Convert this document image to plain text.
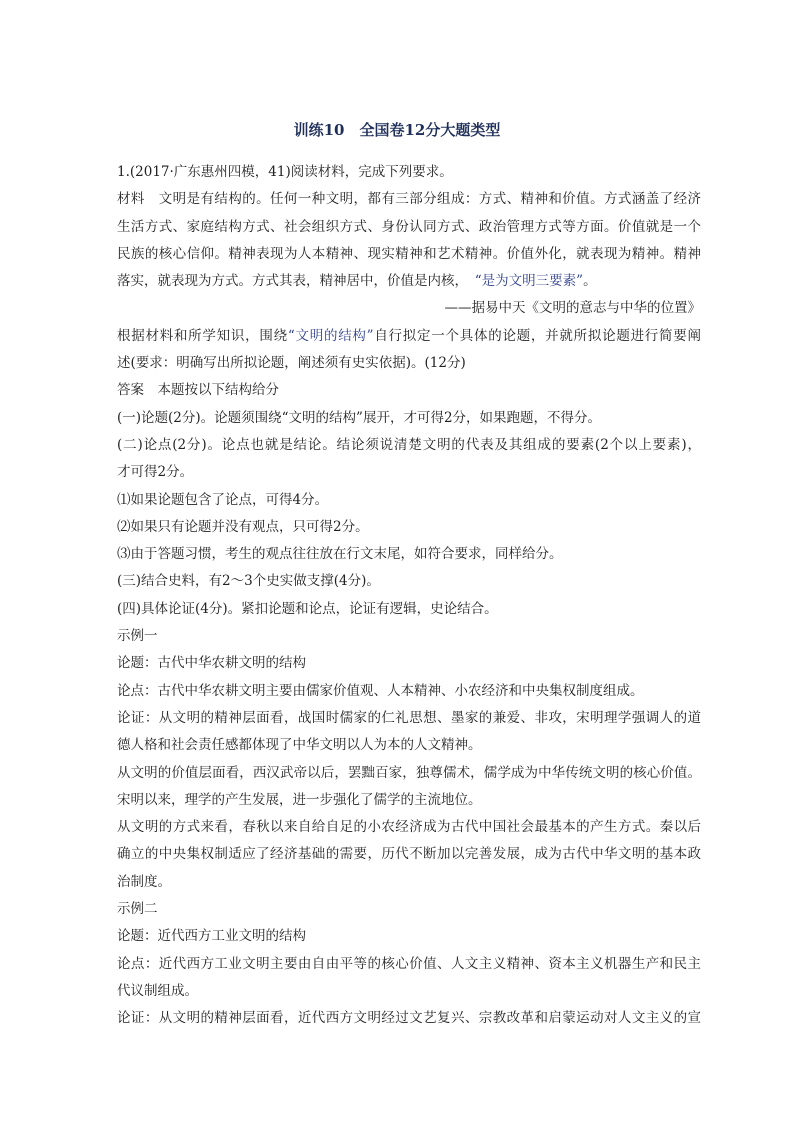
训练10　全国卷12分大题类型
1.(2017·广东惠州四模，41)阅读材料，完成下列要求。
材料　文明是有结构的。任何一种文明，都有三部分组成：方式、精神和价值。方式涵盖了经济
生活方式、家庭结构方式、社会组织方式、身份认同方式、政治管理方式等方面。价值就是一个
民族的核心信仰。精神表现为人本精神、现实精神和艺术精神。价值外化，就表现为精神。精神
落实，就表现为方式。方式其表，精神居中，价值是内核，　“是为文明三要素”。
——据易中天《文明的意志与中华的位置》
根据材料和所学知识，围绕“文明的结构”自行拟定一个具体的论题，并就所拟论题进行简要阐
述(要求：明确写出所拟论题，阐述须有史实依据)。(12分)
答案　本题按以下结构给分
(一)论题(2分)。论题须围绕“文明的结构”展开，才可得2分，如果跑题，不得分。
(二)论点(2分)。论点也就是结论。结论须说清楚文明的代表及其组成的要素(2个以上要素)，
才可得2分。
⑴如果论题包含了论点，可得4分。
⑵如果只有论题并没有观点，只可得2分。
⑶由于答题习惯，考生的观点往往放在行文末尾，如符合要求，同样给分。
(三)结合史料，有2～3个史实做支撑(4分)。
(四)具体论证(4分)。紧扣论题和论点，论证有逻辑，史论结合。
示例一
论题：古代中华农耕文明的结构
论点：古代中华农耕文明主要由儒家价值观、人本精神、小农经济和中央集权制度组成。
论证：从文明的精神层面看，战国时儒家的仁礼思想、墨家的兼爱、非攻，宋明理学强调人的道
德人格和社会责任感都体现了中华文明以人为本的人文精神。
从文明的价值层面看，西汉武帝以后，罢黜百家，独尊儒术，儒学成为中华传统文明的核心价值。
宋明以来，理学的产生发展，进一步强化了儒学的主流地位。
从文明的方式来看，春秋以来自给自足的小农经济成为古代中国社会最基本的产生方式。秦以后
确立的中央集权制适应了经济基础的需要，历代不断加以完善发展，成为古代中华文明的基本政
治制度。
示例二
论题：近代西方工业文明的结构
论点：近代西方工业文明主要由自由平等的核心价值、人文主义精神、资本主义机器生产和民主
代议制组成。
论证：从文明的精神层面看，近代西方文明经过文艺复兴、宗教改革和启蒙运动对人文主义的宣
